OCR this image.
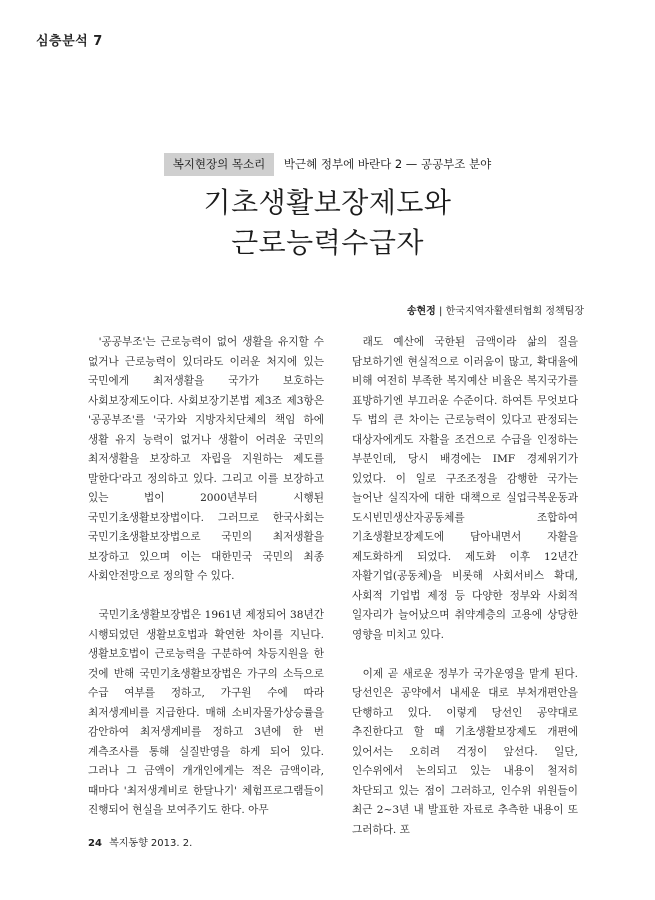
심층분석 7
복지현장의 목소리 박근혜 정부에 바란다 2 — 공공부조 분야
기초생활보장제도와
근로능력수급자
송현정 | 한국지역자활센터협회 정책팀장

'공공부조'는 근로능력이 없어 생활을 유지할 수 없거나 근로능력이 있더라도 이러운 처지에 있는 국민에게 최저생활을 국가가 보호하는 사회보장제도이다. 사회보장기본법 제3조 제3항은 '공공부조'를 '국가와 지방자치단체의 책임 하에 생활 유지 능력이 없거나 생활이 어려운 국민의 최저생활을 보장하고 자립을 지원하는 제도를 말한다'라고 정의하고 있다. 그리고 이를 보장하고 있는 법이 2000년부터 시행된 국민기초생활보장법이다. 그러므로 한국사회는 국민기초생활보장법으로 국민의 최저생활을 보장하고 있으며 이는 대한민국 국민의 최종 사회안전망으로 정의할 수 있다.

국민기초생활보장법은 1961년 제정되어 38년간 시행되었던 생활보호법과 확연한 차이를 지닌다. 생활보호법이 근로능력을 구분하여 차등지원을 한 것에 반해 국민기초생활보장법은 가구의 소득으로 수급 여부를 정하고, 가구원 수에 따라 최저생계비를 지급한다. 매해 소비자물가상승률을 감안하여 최저생계비를 정하고 3년에 한 번 계측조사를 통해 실질반영을 하게 되어 있다. 그러나 그 금액이 개개인에게는 적은 금액이라, 때마다 '최저생계비로 한달나기' 체험프로그램들이 진행되어 현실을 보여주기도 한다. 아무

래도 예산에 국한된 금액이라 삶의 질을 담보하기엔 현실적으로 이러움이 많고, 확대율에 비해 여전히 부족한 복지예산 비율은 복지국가를 표방하기엔 부끄러운 수준이다. 하여튼 무엇보다 두 법의 큰 차이는 근로능력이 있다고 판정되는 대상자에게도 자활을 조건으로 수급을 인정하는 부분인데, 당시 배경에는 IMF 경제위기가 있었다. 이 일로 구조조정을 감행한 국가는 늘어난 실직자에 대한 대책으로 실업극복운동과 도시빈민생산자공동체를 조합하여 기초생활보장제도에 담아내면서 자활을 제도화하게 되었다. 제도화 이후 12년간 자활기업(공동체)을 비롯해 사회서비스 확대, 사회적 기업법 제정 등 다양한 정부와 사회적 일자리가 늘어났으며 취약계층의 고용에 상당한 영향을 미치고 있다.

이제 곧 새로운 정부가 국가운영을 맡게 된다. 당선인은 공약에서 내세운 대로 부처개편안을 단행하고 있다. 이렇게 당선인 공약대로 추진한다고 할 때 기초생활보장제도 개편에 있어서는 오히려 걱정이 앞선다. 일단, 인수위에서 논의되고 있는 내용이 철저히 차단되고 있는 점이 그러하고, 인수위 위원들이 최근 2~3년 내 발표한 자료로 추측한 내용이 또 그러하다. 포

24 복지동향 2013. 2.
